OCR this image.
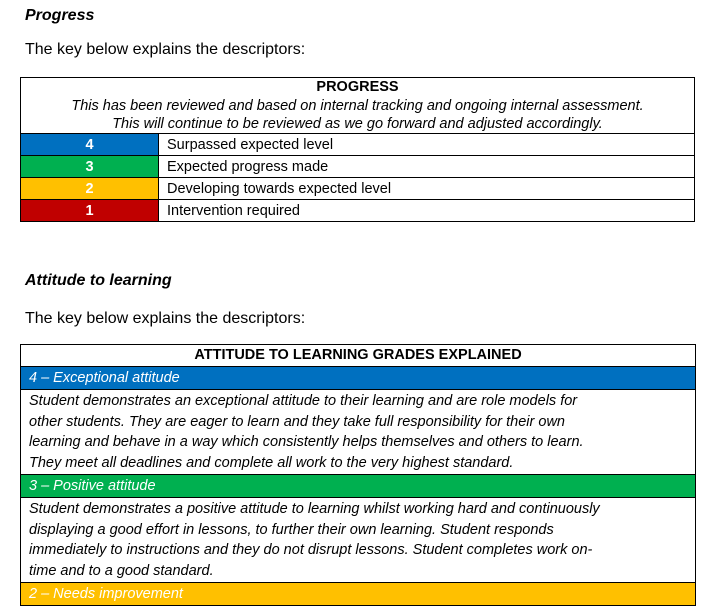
Progress
The key below explains the descriptors:
PROGRESS	

This has been reviewed and based on internal tracking and ongoing internal assessment.
This will continue to be reviewed as we go forward and adjusted accordingly.	

4	Surpassed expected level
3	Expected progress made
2	Developing towards expected level
1	Intervention required
Attitude to learning
The key below explains the descriptors:
ATTITUDE TO LEARNING GRADES EXPLAINED
4 – Exceptional attitude
Student demonstrates an exceptional attitude to their learning and are role models for
other students. They are eager to learn and they take full responsibility for their own
learning and behave in a way which consistently helps themselves and others to learn.
They meet all deadlines and complete all work to the very highest standard.
3 – Positive attitude
Student demonstrates a positive attitude to learning whilst working hard and continuously
displaying a good effort in lessons, to further their own learning. Student responds
immediately to instructions and they do not disrupt lessons. Student completes work on-
time and to a good standard.
2 – Needs improvement
